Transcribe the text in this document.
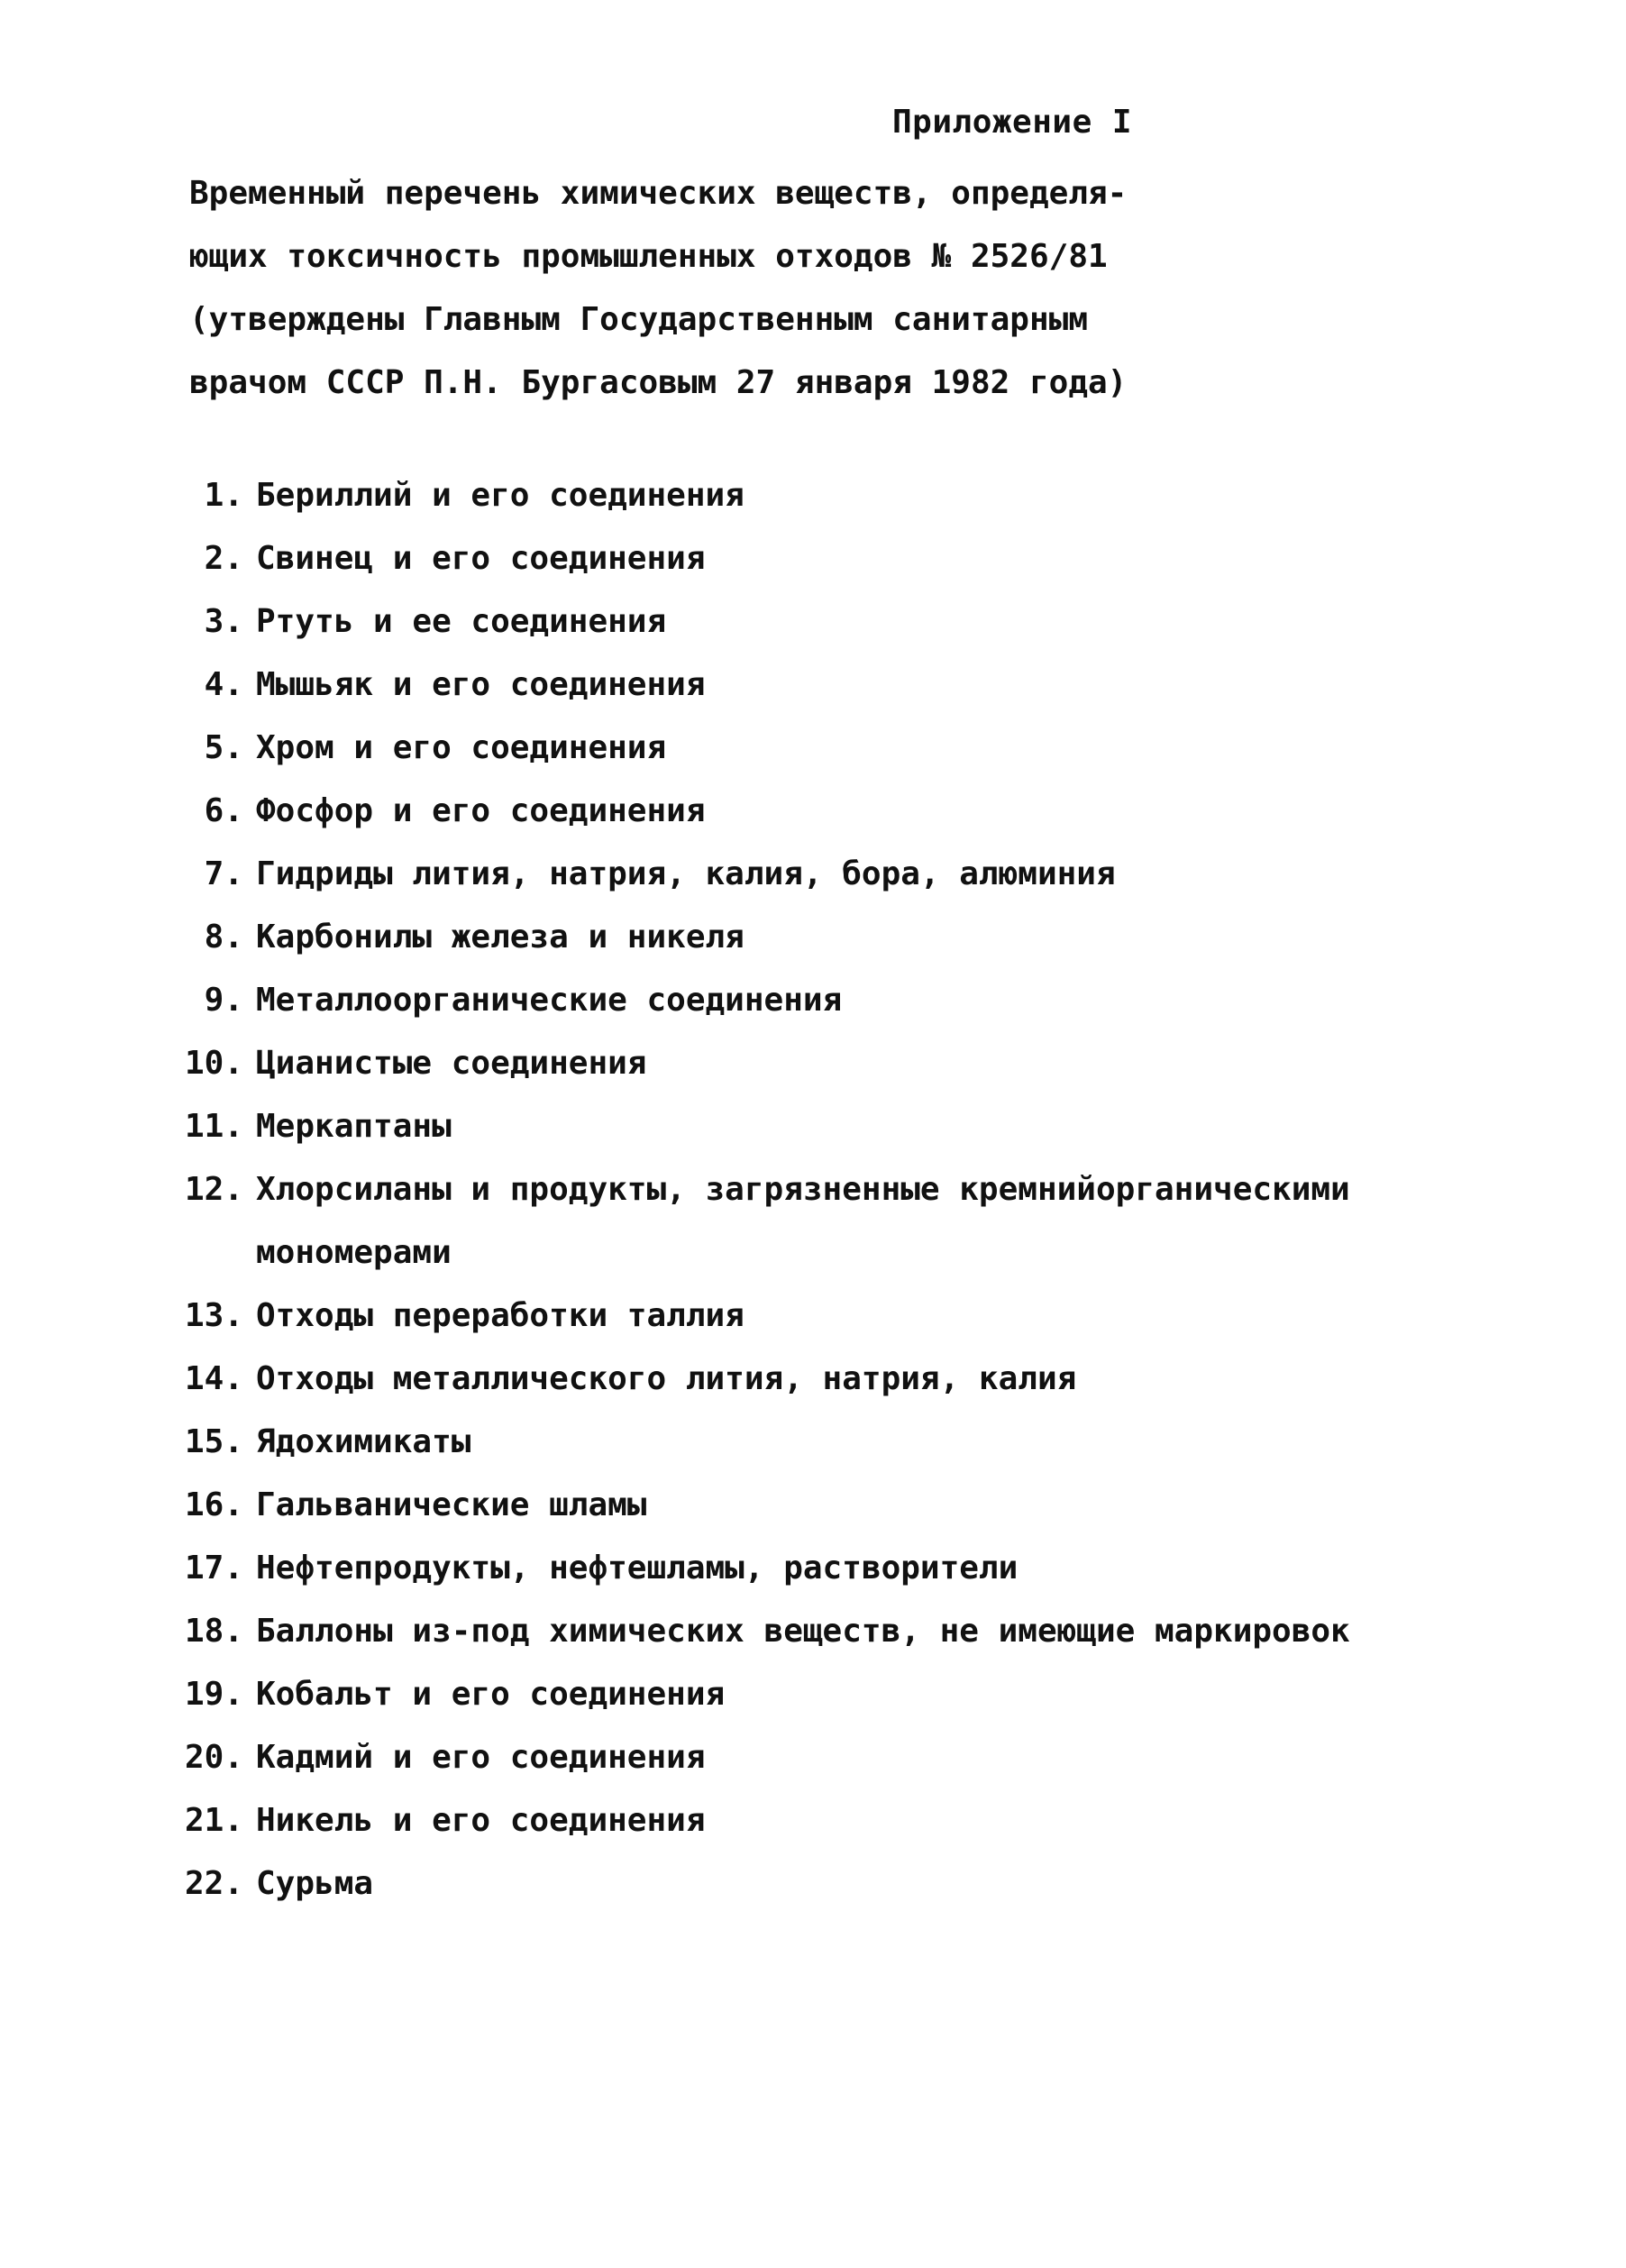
Приложение I
Временный перечень химических веществ, определя-
ющих токсичность промышленных отходов № 2526/81
(утверждены Главным Государственным санитарным
врачом СССР П.Н. Бургасовым 27 января 1982 года)
1. Бериллий и его соединения
2. Свинец и его соединения
3. Ртуть и ее соединения
4. Мышьяк и его соединения
5. Хром и его соединения
6. Фосфор и его соединения
7. Гидриды лития, натрия, калия, бора, алюминия
8. Карбонилы железа и никеля
9. Металлоорганические соединения
10. Цианистые соединения
11. Меркаптаны
12. Хлорсиланы и продукты, загрязненные кремнийорганическими
мономерами
13. Отходы переработки таллия
14. Отходы металлического лития, натрия, калия
15. Ядохимикаты
16. Гальванические шламы
17. Нефтепродукты, нефтешламы, растворители
18. Баллоны из-под химических веществ, не имеющие маркировок
19. Кобальт и его соединения
20. Кадмий и его соединения
21. Никель и его соединения
22. Сурьма
